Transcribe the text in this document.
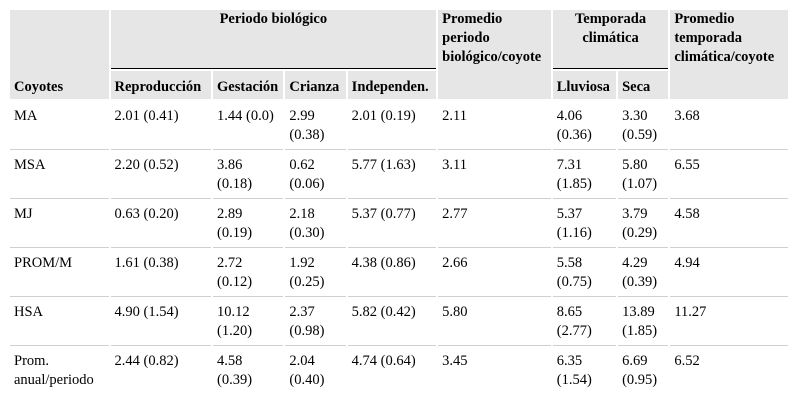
Coyotes	Periodo biológico				Promedio periodo biológico/coyote	Temporada climática		Promedio temporada climática/coyote
	Reproducción	Gestación	Crianza	Independen.		Lluviosa	Seca	
MA	2.01 (0.41)	1.44 (0.0)	2.99 (0.38)	2.01 (0.19)	2.11	4.06 (0.36)	3.30 (0.59)	3.68
MSA	2.20 (0.52)	3.86 (0.18)	0.62 (0.06)	5.77 (1.63)	3.11	7.31 (1.85)	5.80 (1.07)	6.55
MJ	0.63 (0.20)	2.89 (0.19)	2.18 (0.30)	5.37 (0.77)	2.77	5.37 (1.16)	3.79 (0.29)	4.58
PROM/M	1.61 (0.38)	2.72 (0.12)	1.92 (0.25)	4.38 (0.86)	2.66	5.58 (0.75)	4.29 (0.39)	4.94
HSA	4.90 (1.54)	10.12 (1.20)	2.37 (0.98)	5.82 (0.42)	5.80	8.65 (2.77)	13.89 (1.85)	11.27
Prom. anual/periodo	2.44 (0.82)	4.58 (0.39)	2.04 (0.40)	4.74 (0.64)	3.45	6.35 (1.54)	6.69 (0.95)	6.52
